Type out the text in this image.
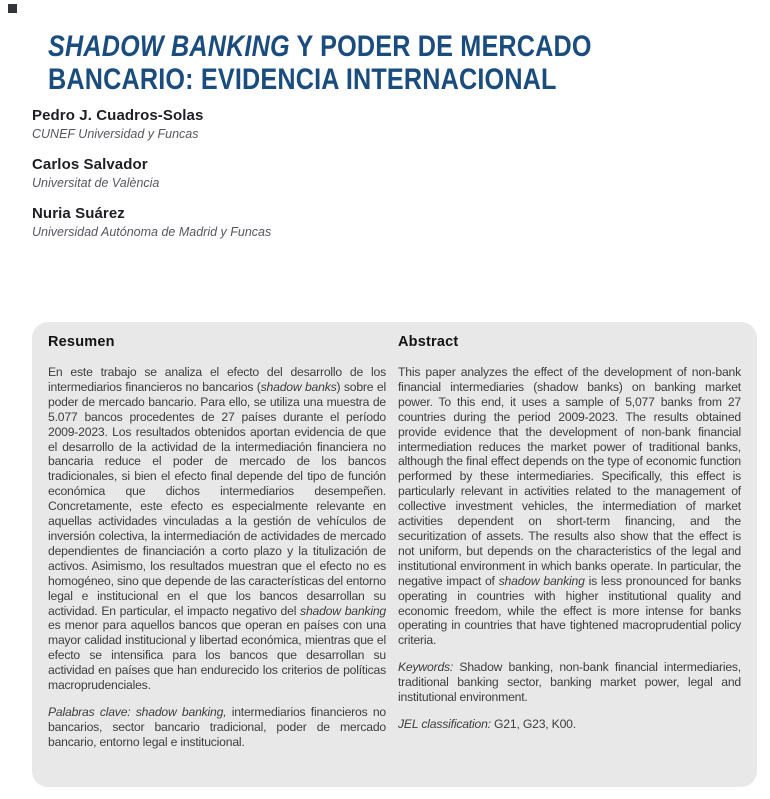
SHADOW BANKING Y PODER DE MERCADO
BANCARIO: EVIDENCIA INTERNACIONAL
Pedro J. Cuadros-Solas
CUNEF Universidad y Funcas
Carlos Salvador
Universitat de València
Nuria Suárez
Universidad Autónoma de Madrid y Funcas
Resumen

En este trabajo se analiza el efecto del desarrollo de los intermediarios financieros no bancarios (shadow banks) sobre el poder de mercado bancario. Para ello, se utiliza una muestra de 5.077 bancos procedentes de 27 países durante el período 2009-2023. Los resultados obtenidos aportan evidencia de que el desarrollo de la actividad de la intermediación financiera no bancaria reduce el poder de mercado de los bancos tradicionales, si bien el efecto final depende del tipo de función económica que dichos intermediarios desempeñen. Concretamente, este efecto es especialmente relevante en aquellas actividades vinculadas a la gestión de vehículos de inversión colectiva, la intermediación de actividades de mercado dependientes de financiación a corto plazo y la titulización de activos. Asimismo, los resultados muestran que el efecto no es homogéneo, sino que depende de las características del entorno legal e institucional en el que los bancos desarrollan su actividad. En particular, el impacto negativo del shadow banking es menor para aquellos bancos que operan en países con una mayor calidad institucional y libertad económica, mientras que el efecto se intensifica para los bancos que desarrollan su actividad en países que han endurecido los criterios de políticas macroprudenciales.

Palabras clave: shadow banking, intermediarios financieros no bancarios, sector bancario tradicional, poder de mercado bancario, entorno legal e institucional.

Abstract

This paper analyzes the effect of the development of non-bank financial intermediaries (shadow banks) on banking market power. To this end, it uses a sample of 5,077 banks from 27 countries during the period 2009-2023. The results obtained provide evidence that the development of non-bank financial intermediation reduces the market power of traditional banks, although the final effect depends on the type of economic function performed by these intermediaries. Specifically, this effect is particularly relevant in activities related to the management of collective investment vehicles, the intermediation of market activities dependent on short-term financing, and the securitization of assets. The results also show that the effect is not uniform, but depends on the characteristics of the legal and institutional environment in which banks operate. In particular, the negative impact of shadow banking is less pronounced for banks operating in countries with higher institutional quality and economic freedom, while the effect is more intense for banks operating in countries that have tightened macroprudential policy criteria.

Keywords: Shadow banking, non-bank financial intermediaries, traditional banking sector, banking market power, legal and institutional environment.

JEL classification: G21, G23, K00.
